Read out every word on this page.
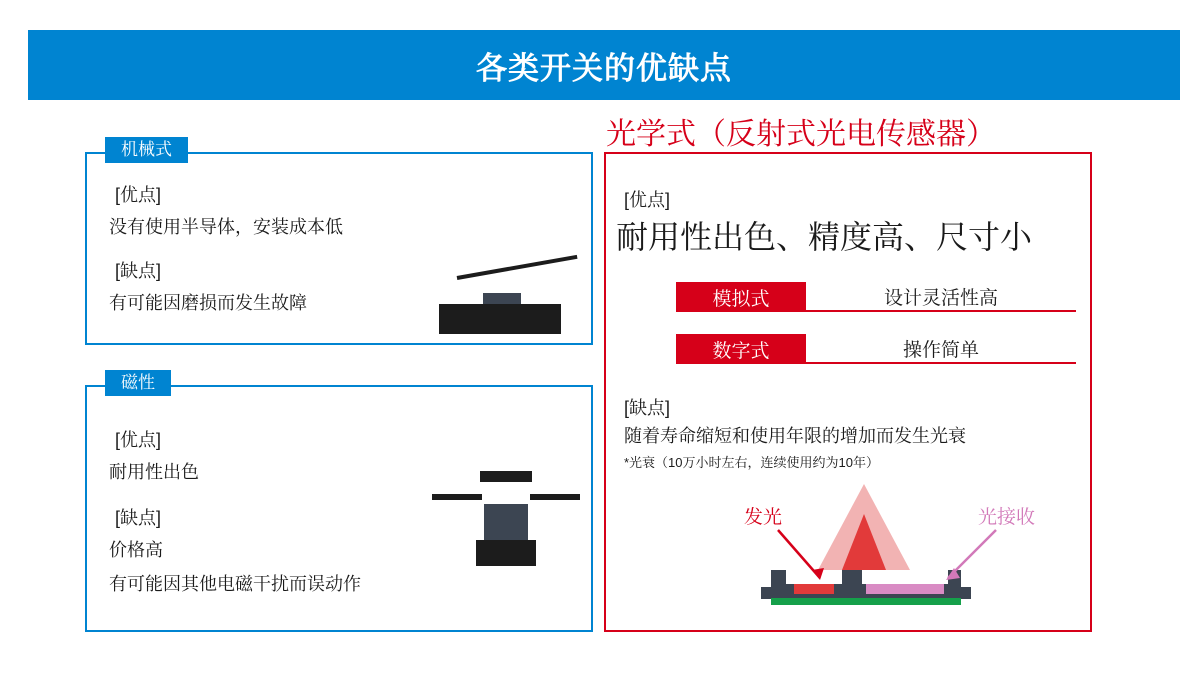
各类开关的优缺点
机械式
[优点]
没有使用半导体，安装成本低
[缺点]
有可能因磨损而发生故障
磁性
[优点]
耐用性出色
[缺点]
价格高
有可能因其他电磁干扰而误动作
光学式（反射式光电传感器）
[优点]
耐用性出色、精度高、尺寸小
模拟式	设计灵活性高
数字式	操作简单
[缺点]
随着寿命缩短和使用年限的增加而发生光衰
*光衰（10万小时左右，连续使用约为10年）
发光	光接收
